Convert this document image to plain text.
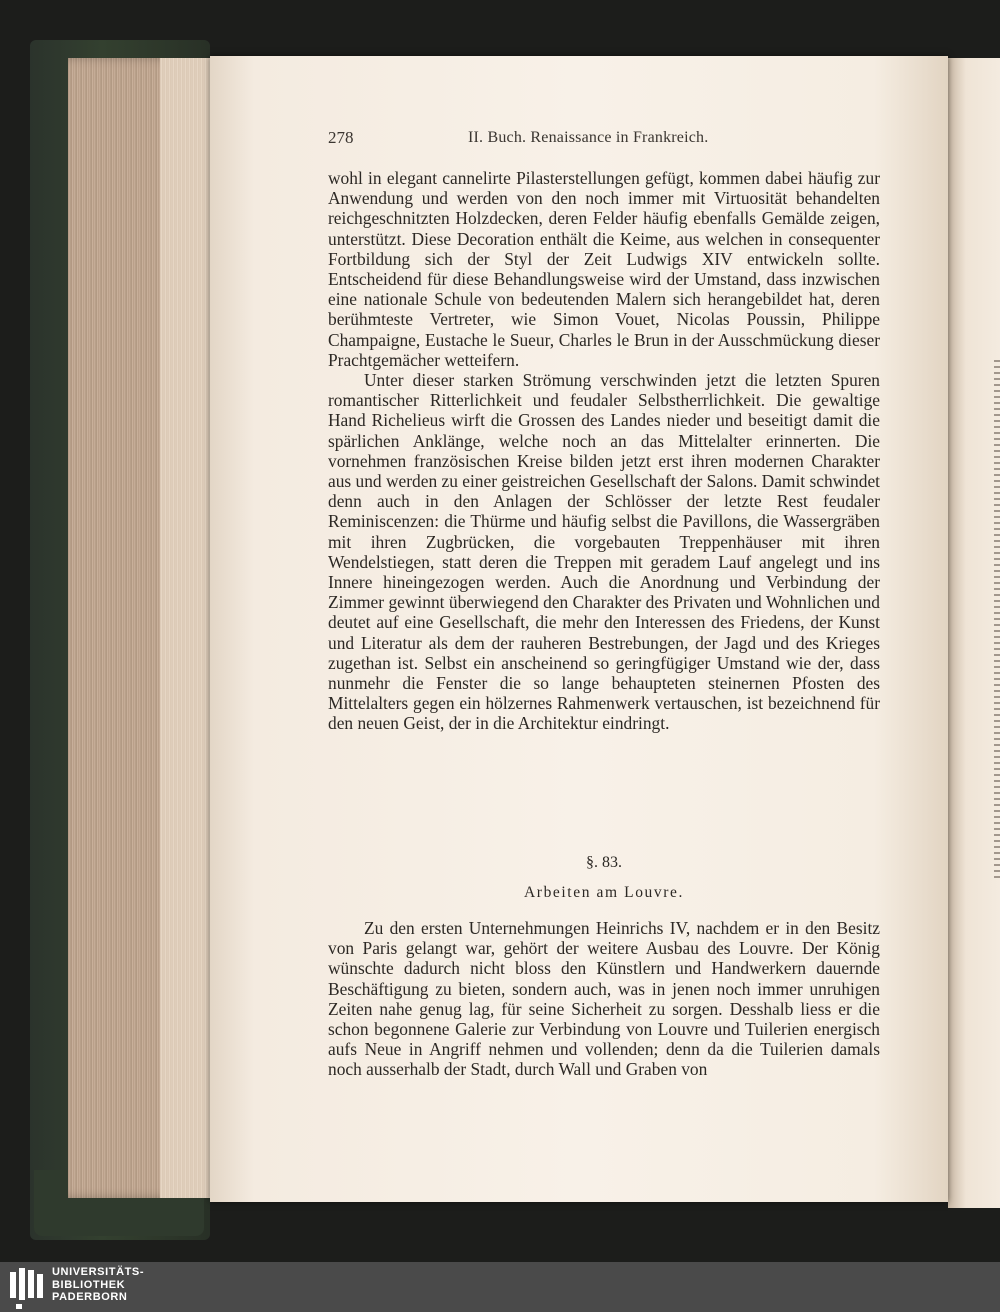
278	II. Buch. Renaissance in Frankreich.

wohl in elegant cannelirte Pilasterstellungen gefügt, kommen dabei häufig zur Anwendung und werden von den noch immer mit Virtuosität behandelten reichgeschnitzten Holzdecken, deren Felder häufig ebenfalls Gemälde zeigen, unterstützt. Diese Decoration enthält die Keime, aus welchen in consequenter Fortbildung sich der Styl der Zeit Ludwigs XIV entwickeln sollte. Entscheidend für diese Behandlungsweise wird der Umstand, dass inzwischen eine nationale Schule von bedeutenden Malern sich herangebildet hat, deren berühmteste Vertreter, wie Simon Vouet, Nicolas Poussin, Philippe Champaigne, Eustache le Sueur, Charles le Brun in der Ausschmückung dieser Prachtgemächer wetteifern.

Unter dieser starken Strömung verschwinden jetzt die letzten Spuren romantischer Ritterlichkeit und feudaler Selbstherrlichkeit. Die gewaltige Hand Richelieus wirft die Grossen des Landes nieder und beseitigt damit die spärlichen Anklänge, welche noch an das Mittelalter erinnerten. Die vornehmen französischen Kreise bilden jetzt erst ihren modernen Charakter aus und werden zu einer geistreichen Gesellschaft der Salons. Damit schwindet denn auch in den Anlagen der Schlösser der letzte Rest feudaler Reminiscenzen: die Thürme und häufig selbst die Pavillons, die Wassergräben mit ihren Zugbrücken, die vorgebauten Treppenhäuser mit ihren Wendelstiegen, statt deren die Treppen mit geradem Lauf angelegt und ins Innere hineingezogen werden. Auch die Anordnung und Verbindung der Zimmer gewinnt überwiegend den Charakter des Privaten und Wohnlichen und deutet auf eine Gesellschaft, die mehr den Interessen des Friedens, der Kunst und Literatur als dem der rauheren Bestrebungen, der Jagd und des Krieges zugethan ist. Selbst ein anscheinend so geringfügiger Umstand wie der, dass nunmehr die Fenster die so lange behaupteten steinernen Pfosten des Mittelalters gegen ein hölzernes Rahmenwerk vertauschen, ist bezeichnend für den neuen Geist, der in die Architektur eindringt.

§. 83.
Arbeiten am Louvre.

Zu den ersten Unternehmungen Heinrichs IV, nachdem er in den Besitz von Paris gelangt war, gehört der weitere Ausbau des Louvre. Der König wünschte dadurch nicht bloss den Künstlern und Handwerkern dauernde Beschäftigung zu bieten, sondern auch, was in jenen noch immer unruhigen Zeiten nahe genug lag, für seine Sicherheit zu sorgen. Desshalb liess er die schon begonnene Galerie zur Verbindung von Louvre und Tuilerien energisch aufs Neue in Angriff nehmen und vollenden; denn da die Tuilerien damals noch ausserhalb der Stadt, durch Wall und Graben von

UNIVERSITÄTS-
BIBLIOTHEK
PADERBORN
